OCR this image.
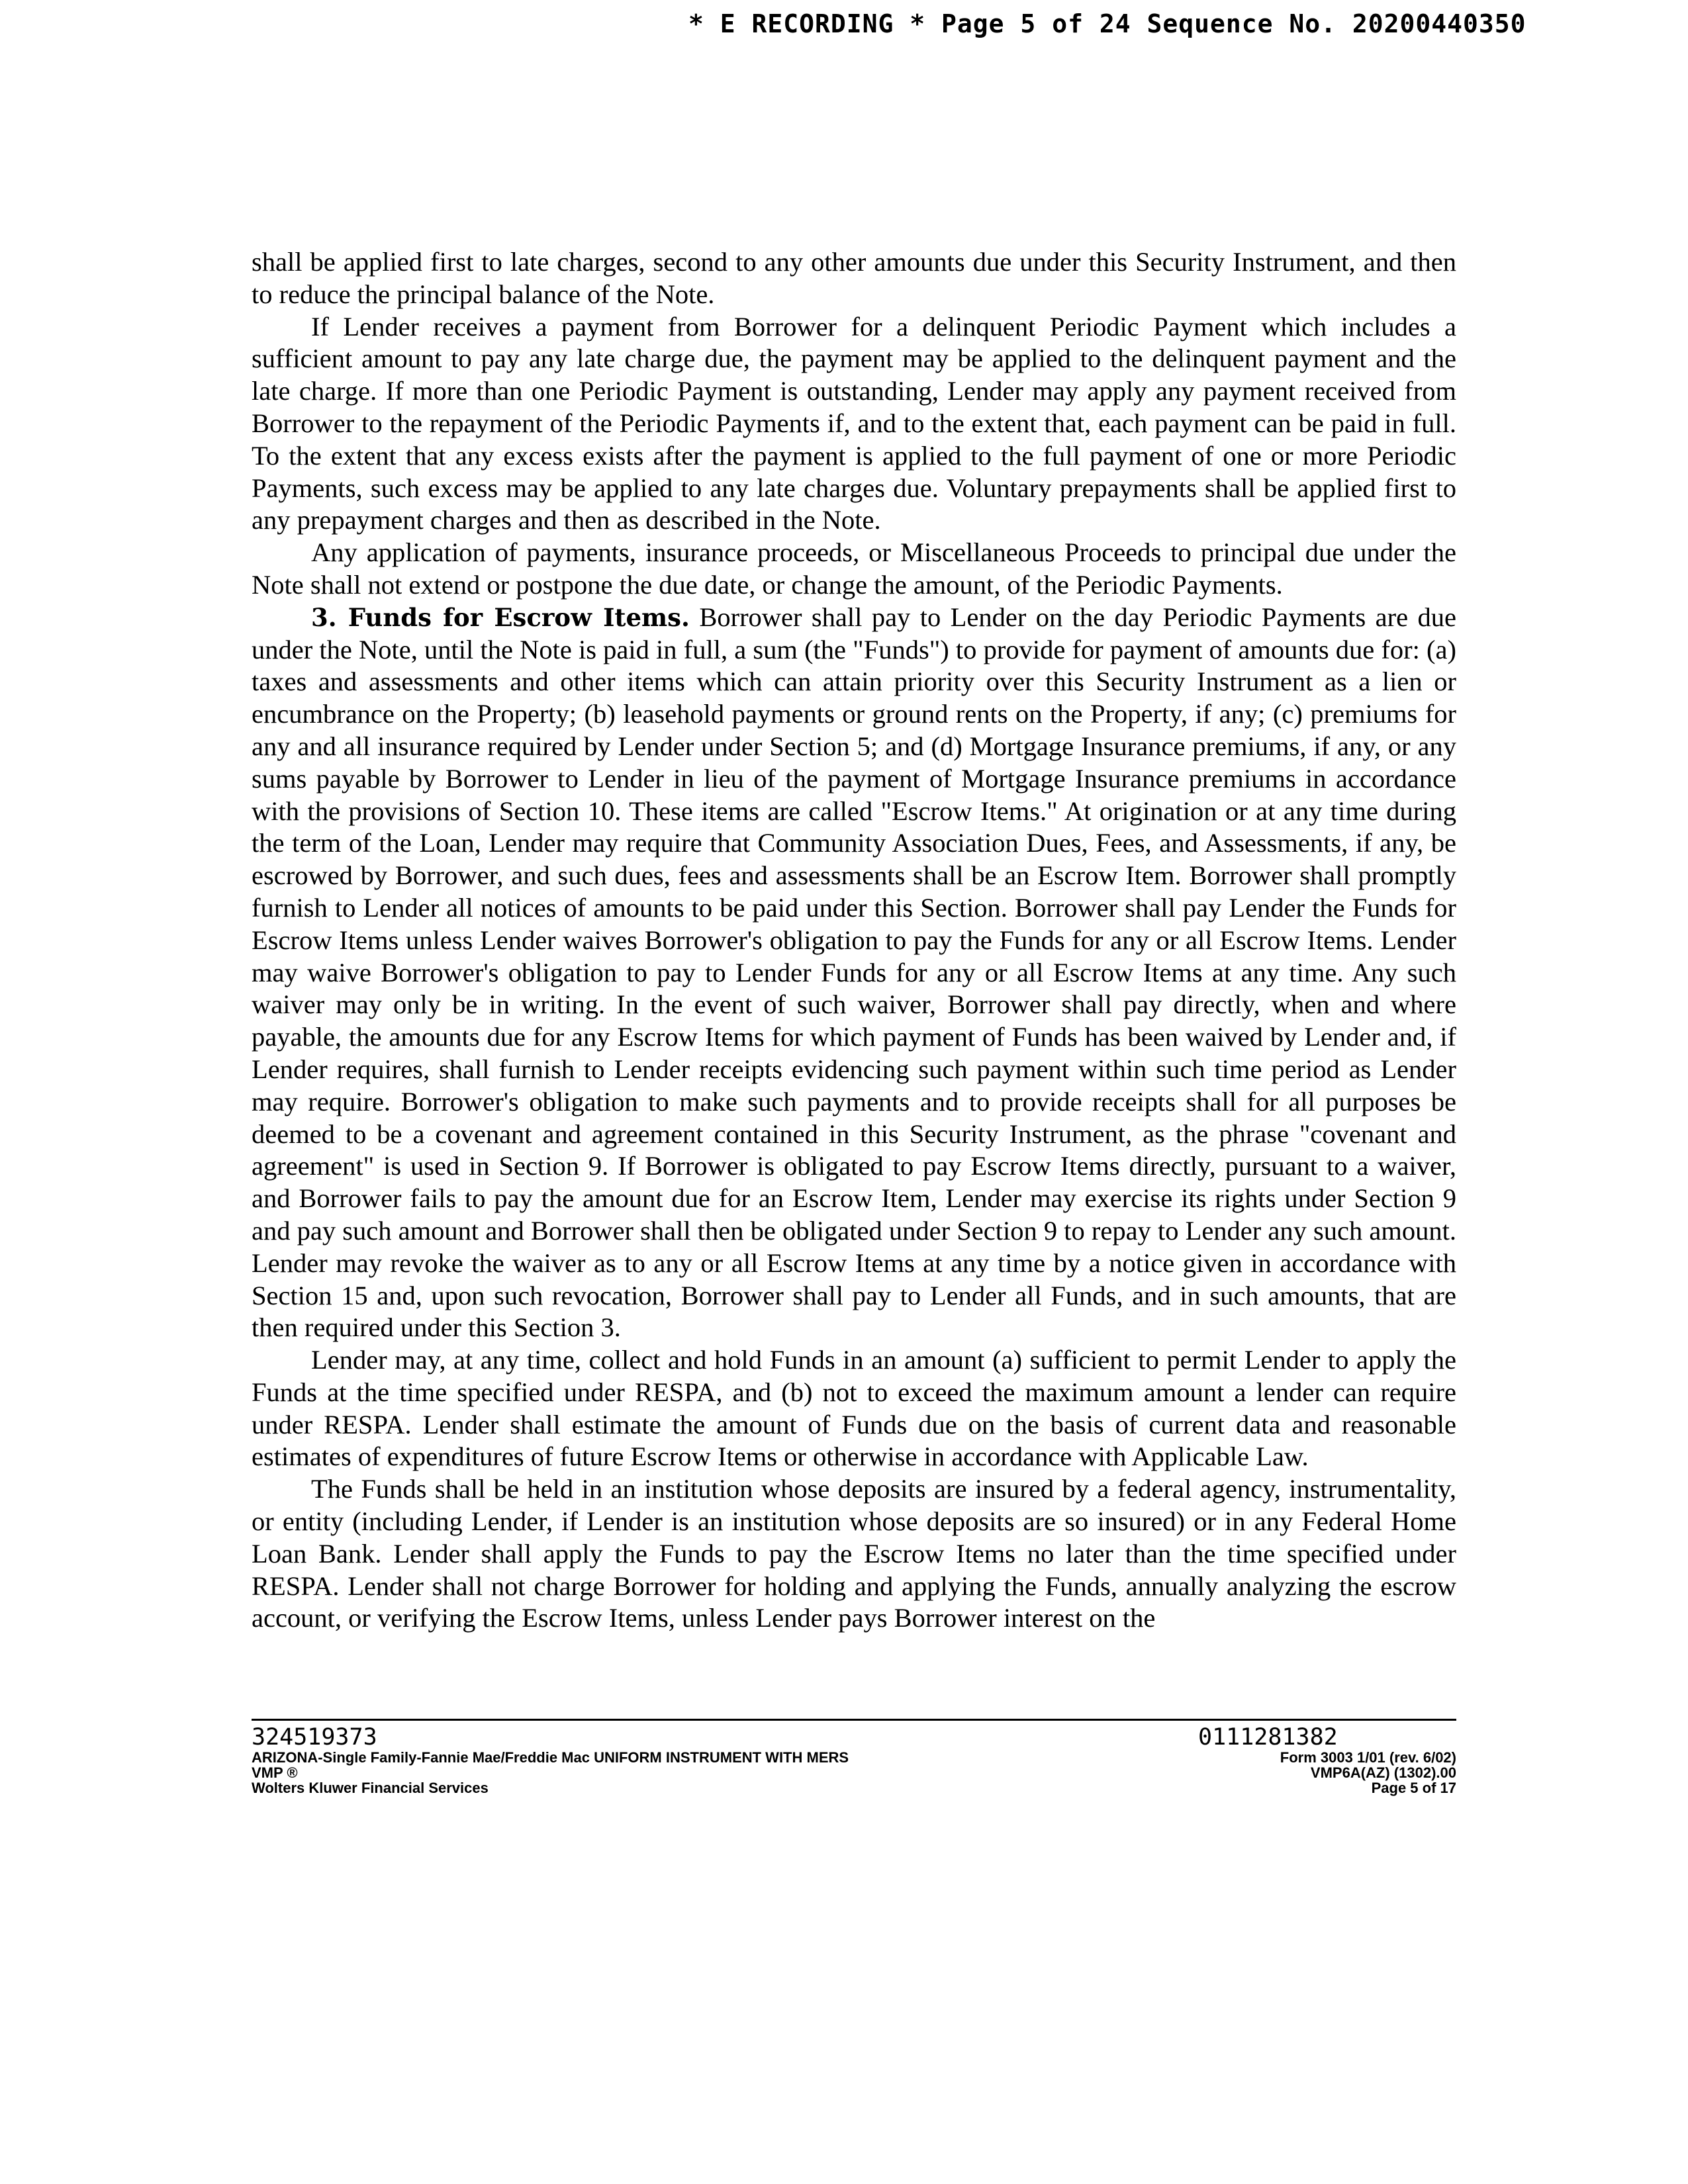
* E RECORDING * Page 5 of 24 Sequence No. 20200440350

shall be applied first to late charges, second to any other amounts due under this Security Instrument, and then to reduce the principal balance of the Note.

If Lender receives a payment from Borrower for a delinquent Periodic Payment which includes a sufficient amount to pay any late charge due, the payment may be applied to the delinquent payment and the late charge. If more than one Periodic Payment is outstanding, Lender may apply any payment received from Borrower to the repayment of the Periodic Payments if, and to the extent that, each payment can be paid in full. To the extent that any excess exists after the payment is applied to the full payment of one or more Periodic Payments, such excess may be applied to any late charges due. Voluntary prepayments shall be applied first to any prepayment charges and then as described in the Note.

Any application of payments, insurance proceeds, or Miscellaneous Proceeds to principal due under the Note shall not extend or postpone the due date, or change the amount, of the Periodic Payments.

3. Funds for Escrow Items. Borrower shall pay to Lender on the day Periodic Payments are due under the Note, until the Note is paid in full, a sum (the "Funds") to provide for payment of amounts due for: (a) taxes and assessments and other items which can attain priority over this Security Instrument as a lien or encumbrance on the Property; (b) leasehold payments or ground rents on the Property, if any; (c) premiums for any and all insurance required by Lender under Section 5; and (d) Mortgage Insurance premiums, if any, or any sums payable by Borrower to Lender in lieu of the payment of Mortgage Insurance premiums in accordance with the provisions of Section 10. These items are called "Escrow Items." At origination or at any time during the term of the Loan, Lender may require that Community Association Dues, Fees, and Assessments, if any, be escrowed by Borrower, and such dues, fees and assessments shall be an Escrow Item. Borrower shall promptly furnish to Lender all notices of amounts to be paid under this Section. Borrower shall pay Lender the Funds for Escrow Items unless Lender waives Borrower's obligation to pay the Funds for any or all Escrow Items. Lender may waive Borrower's obligation to pay to Lender Funds for any or all Escrow Items at any time. Any such waiver may only be in writing. In the event of such waiver, Borrower shall pay directly, when and where payable, the amounts due for any Escrow Items for which payment of Funds has been waived by Lender and, if Lender requires, shall furnish to Lender receipts evidencing such payment within such time period as Lender may require. Borrower's obligation to make such payments and to provide receipts shall for all purposes be deemed to be a covenant and agreement contained in this Security Instrument, as the phrase "covenant and agreement" is used in Section 9. If Borrower is obligated to pay Escrow Items directly, pursuant to a waiver, and Borrower fails to pay the amount due for an Escrow Item, Lender may exercise its rights under Section 9 and pay such amount and Borrower shall then be obligated under Section 9 to repay to Lender any such amount. Lender may revoke the waiver as to any or all Escrow Items at any time by a notice given in accordance with Section 15 and, upon such revocation, Borrower shall pay to Lender all Funds, and in such amounts, that are then required under this Section 3.

Lender may, at any time, collect and hold Funds in an amount (a) sufficient to permit Lender to apply the Funds at the time specified under RESPA, and (b) not to exceed the maximum amount a lender can require under RESPA. Lender shall estimate the amount of Funds due on the basis of current data and reasonable estimates of expenditures of future Escrow Items or otherwise in accordance with Applicable Law.

The Funds shall be held in an institution whose deposits are insured by a federal agency, instrumentality, or entity (including Lender, if Lender is an institution whose deposits are so insured) or in any Federal Home Loan Bank. Lender shall apply the Funds to pay the Escrow Items no later than the time specified under RESPA. Lender shall not charge Borrower for holding and applying the Funds, annually analyzing the escrow account, or verifying the Escrow Items, unless Lender pays Borrower interest on the

324519373
ARIZONA-Single Family-Fannie Mae/Freddie Mac UNIFORM INSTRUMENT WITH MERS
VMP ®
Wolters Kluwer Financial Services
0111281382
Form 3003 1/01 (rev. 6/02)
VMP6A(AZ) (1302).00
Page 5 of 17
